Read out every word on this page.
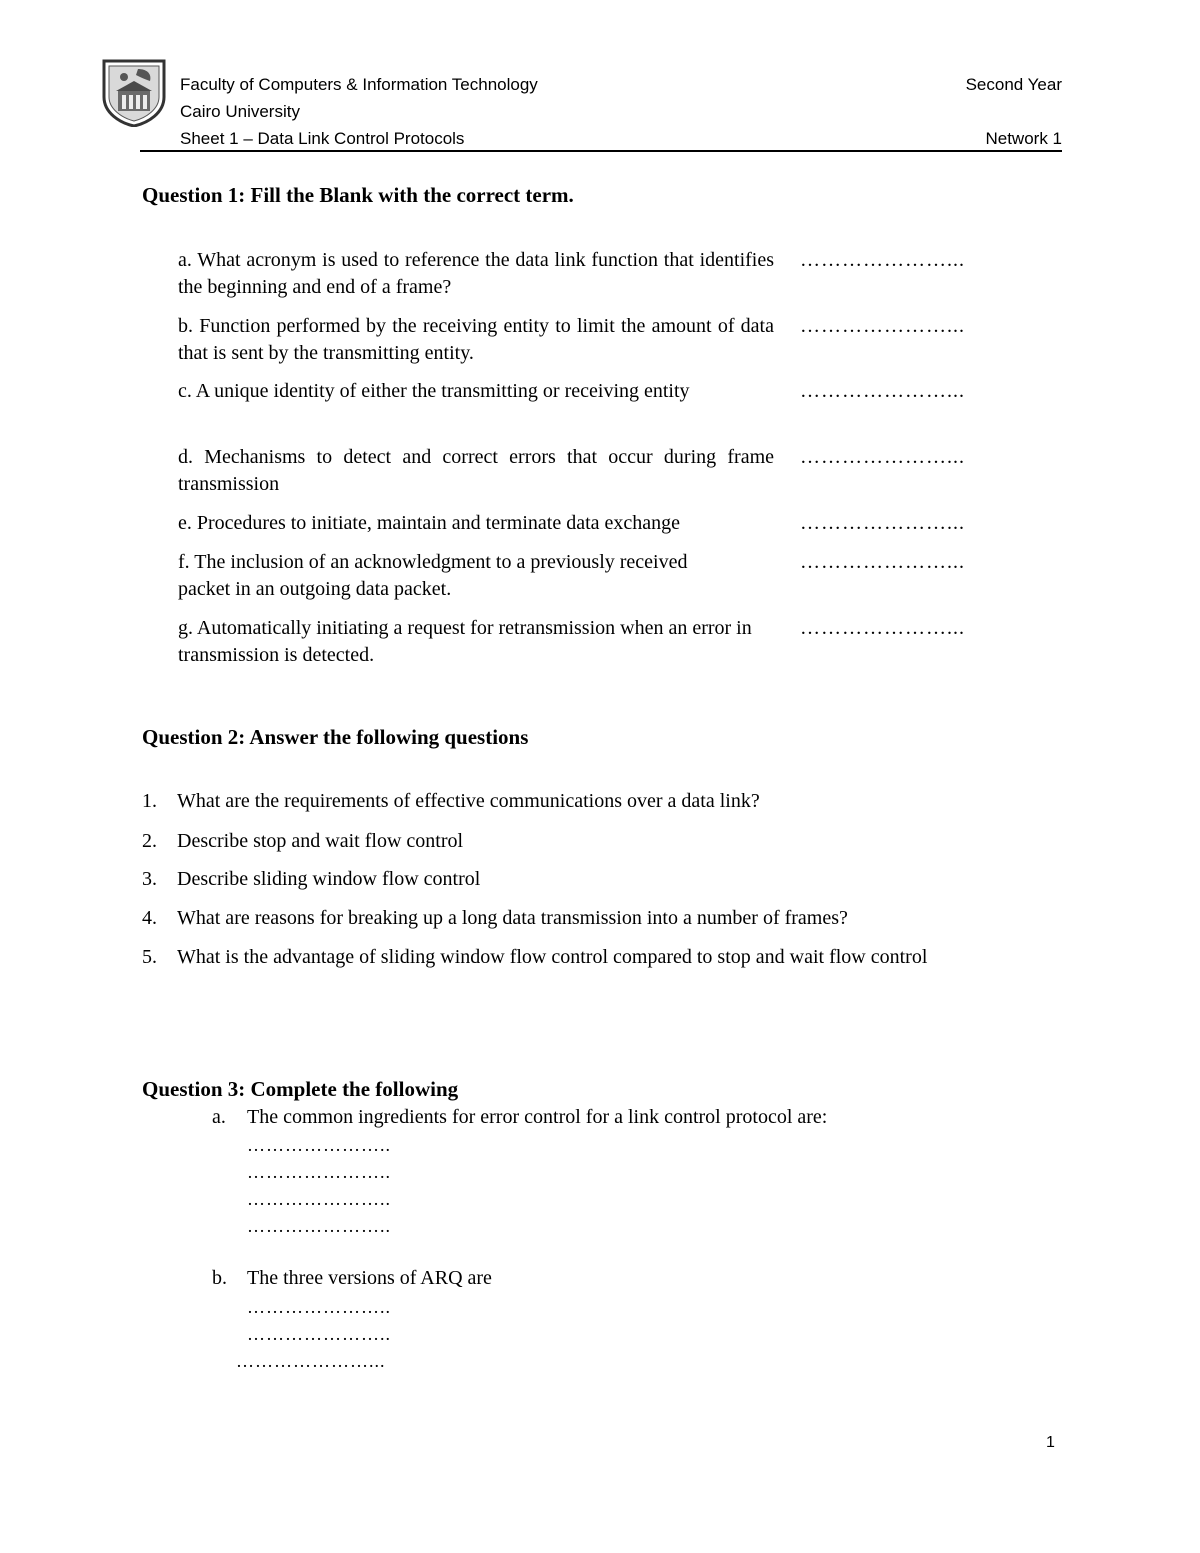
Faculty of Computers & Information Technology
Cairo University
Sheet 1 – Data Link Control Protocols
Second Year
Network 1
Question 1: Fill the Blank with the correct term.
a. What acronym is used to reference the data link function that identifies the beginning and end of a frame?
…………………...
b. Function performed by the receiving entity to limit the amount of data that is sent by the transmitting entity.
…………………...
c. A unique identity of either the transmitting or receiving entity	…………………...
d. Mechanisms to detect and correct errors that occur during frame transmission
…………………...
e. Procedures to initiate, maintain and terminate data exchange	…………………...
f. The inclusion of an acknowledgment to a previously received packet in an outgoing data packet.
…………………...
g. Automatically initiating a request for retransmission when an error in transmission is detected.
…………………...
Question 2: Answer the following questions
1. What are the requirements of effective communications over a data link?
2. Describe stop and wait flow control
3. Describe sliding window flow control
4. What are reasons for breaking up a long data transmission into a number of frames?
5. What is the advantage of sliding window flow control compared to stop and wait flow control
Question 3: Complete the following
a. The common ingredients for error control for a link control protocol are:
…………………..
…………………..
…………………..
…………………..
b. The three versions of ARQ are
…………………..
…………………..
…………………...
1
